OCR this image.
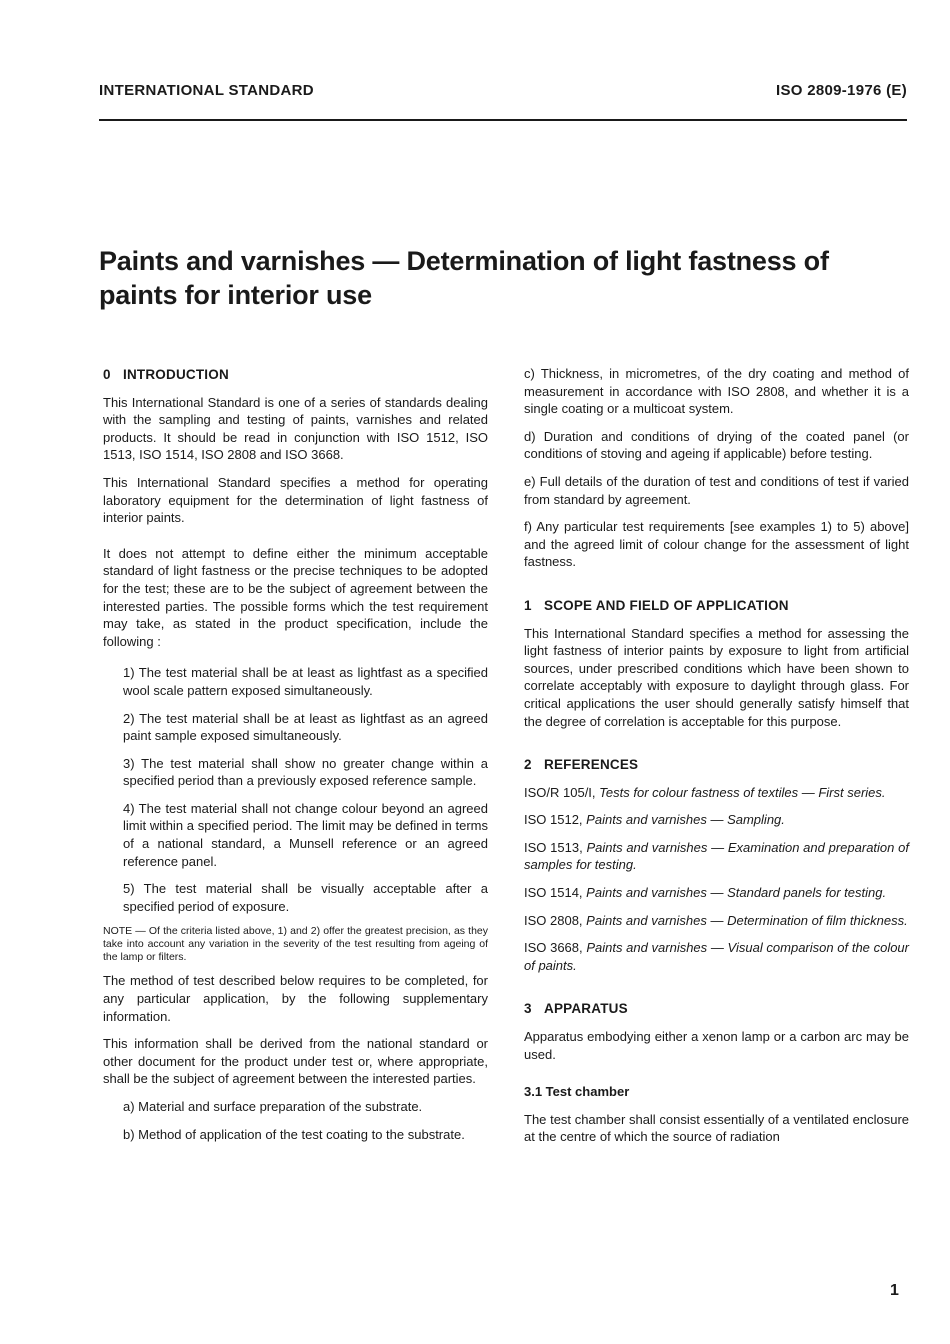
INTERNATIONAL STANDARD	ISO 2809-1976 (E)
Paints and varnishes — Determination of light fastness of paints for interior use
0 INTRODUCTION

This International Standard is one of a series of standards dealing with the sampling and testing of paints, varnishes and related products. It should be read in conjunction with ISO 1512, ISO 1513, ISO 1514, ISO 2808 and ISO 3668.

This International Standard specifies a method for operating laboratory equipment for the determination of light fastness of interior paints.

It does not attempt to define either the minimum acceptable standard of light fastness or the precise techniques to be adopted for the test; these are to be the subject of agreement between the interested parties. The possible forms which the test requirement may take, as stated in the product specification, include the following :

1) The test material shall be at least as lightfast as a specified wool scale pattern exposed simultaneously.

2) The test material shall be at least as lightfast as an agreed paint sample exposed simultaneously.

3) The test material shall show no greater change within a specified period than a previously exposed reference sample.

4) The test material shall not change colour beyond an agreed limit within a specified period. The limit may be defined in terms of a national standard, a Munsell reference or an agreed reference panel.

5) The test material shall be visually acceptable after a specified period of exposure.

NOTE — Of the criteria listed above, 1) and 2) offer the greatest precision, as they take into account any variation in the severity of the test resulting from ageing of the lamp or filters.

The method of test described below requires to be completed, for any particular application, by the following supplementary information.

This information shall be derived from the national standard or other document for the product under test or, where appropriate, shall be the subject of agreement between the interested parties.

a) Material and surface preparation of the substrate.

b) Method of application of the test coating to the substrate.

c) Thickness, in micrometres, of the dry coating and method of measurement in accordance with ISO 2808, and whether it is a single coating or a multicoat system.

d) Duration and conditions of drying of the coated panel (or conditions of stoving and ageing if applicable) before testing.

e) Full details of the duration of test and conditions of test if varied from standard by agreement.

f) Any particular test requirements [see examples 1) to 5) above] and the agreed limit of colour change for the assessment of light fastness.

1 SCOPE AND FIELD OF APPLICATION

This International Standard specifies a method for assessing the light fastness of interior paints by exposure to light from artificial sources, under prescribed conditions which have been shown to correlate acceptably with exposure to daylight through glass. For critical applications the user should generally satisfy himself that the degree of correlation is acceptable for this purpose.

2 REFERENCES

ISO/R 105/I, Tests for colour fastness of textiles — First series.

ISO 1512, Paints and varnishes — Sampling.

ISO 1513, Paints and varnishes — Examination and preparation of samples for testing.

ISO 1514, Paints and varnishes — Standard panels for testing.

ISO 2808, Paints and varnishes — Determination of film thickness.

ISO 3668, Paints and varnishes — Visual comparison of the colour of paints.

3 APPARATUS

Apparatus embodying either a xenon lamp or a carbon arc may be used.

3.1 Test chamber

The test chamber shall consist essentially of a ventilated enclosure at the centre of which the source of radiation

1
